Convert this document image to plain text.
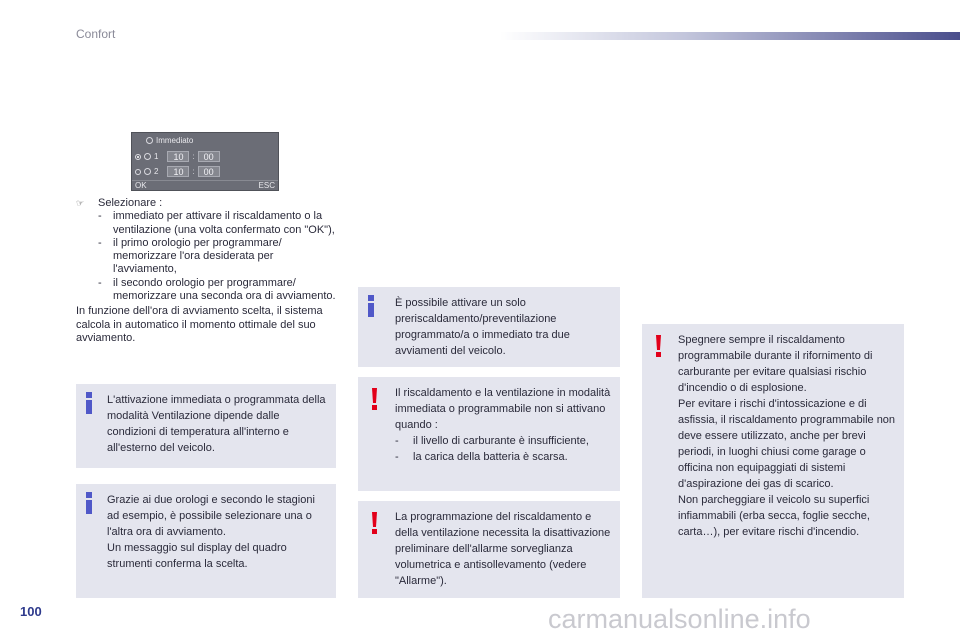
Confort
Immediato
1	10	: 00
2	10	: 00
OK	ESC
☞	Selezionare :
-	immediato per attivare il riscaldamento o la ventilazione (una volta confermato con "OK"),
-	il primo orologio per programmare/ memorizzare l'ora desiderata per l'avviamento,
-	il secondo orologio per programmare/ memorizzare una seconda ora di avviamento.
In funzione dell'ora di avviamento scelta, il sistema calcola in automatico il momento ottimale del suo avviamento.
L'attivazione immediata o programmata della modalità Ventilazione dipende dalle condizioni di temperatura all'interno e all'esterno del veicolo.
Grazie ai due orologi e secondo le stagioni ad esempio, è possibile selezionare una o l'altra ora di avviamento.
Un messaggio sul display del quadro strumenti conferma la scelta.
È possibile attivare un solo preriscaldamento/preventilazione programmato/a o immediato tra due avviamenti del veicolo.
Il riscaldamento e la ventilazione in modalità immediata o programmabile non si attivano quando :
-	il livello di carburante è insufficiente,
-	la carica della batteria è scarsa.
La programmazione del riscaldamento e della ventilazione necessita la disattivazione preliminare dell'allarme sorveglianza volumetrica e antisollevamento (vedere "Allarme").
Spegnere sempre il riscaldamento programmabile durante il rifornimento di carburante per evitare qualsiasi rischio d'incendio o di esplosione.
Per evitare i rischi d'intossicazione e di asfissia, il riscaldamento programmabile non deve essere utilizzato, anche per brevi periodi, in luoghi chiusi come garage o officina non equipaggiati di sistemi d'aspirazione dei gas di scarico.
Non parcheggiare il veicolo su superfici infiammabili (erba secca, foglie secche, carta…), per evitare rischi d'incendio.
100	carmanualsonline.info
